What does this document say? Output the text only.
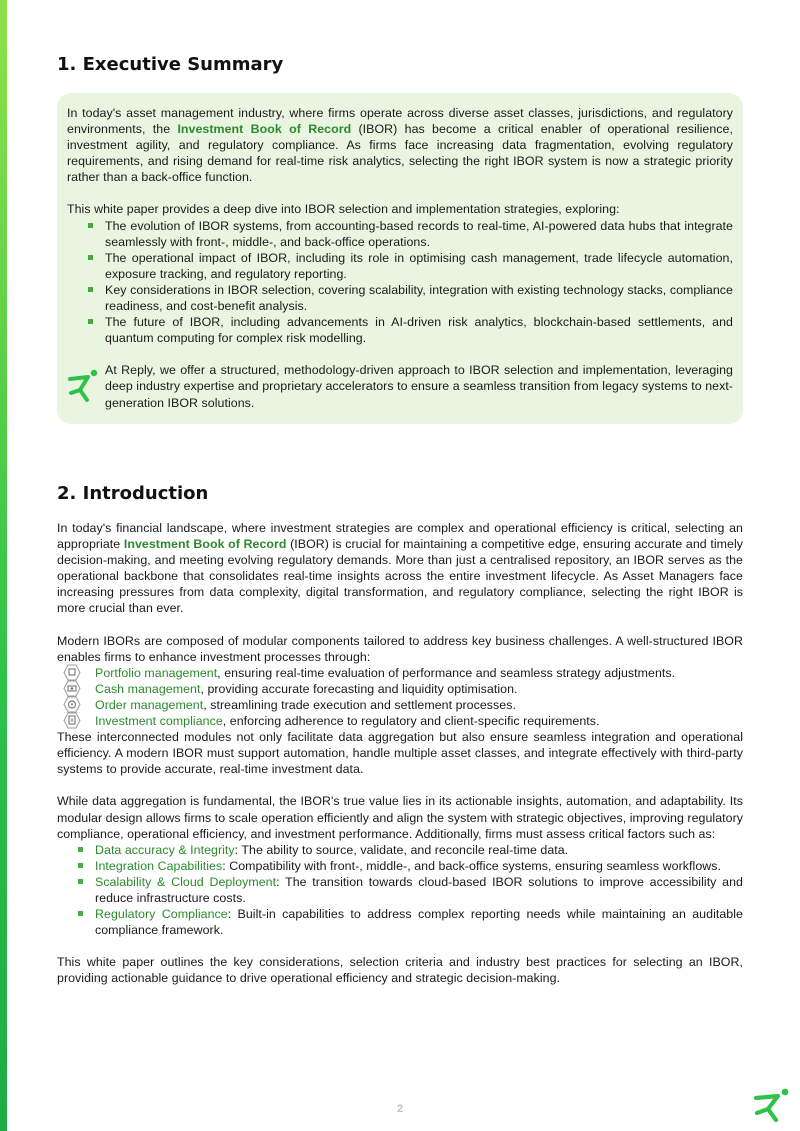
1. Executive Summary

In today's asset management industry, where firms operate across diverse asset classes, jurisdictions, and regulatory environments, the Investment Book of Record (IBOR) has become a critical enabler of operational resilience, investment agility, and regulatory compliance. As firms face increasing data fragmentation, evolving regulatory requirements, and rising demand for real-time risk analytics, selecting the right IBOR system is now a strategic priority rather than a back-office function.

This white paper provides a deep dive into IBOR selection and implementation strategies, exploring:

The evolution of IBOR systems, from accounting-based records to real-time, AI-powered data hubs that integrate seamlessly with front-, middle-, and back-office operations.
The operational impact of IBOR, including its role in optimising cash management, trade lifecycle automation, exposure tracking, and regulatory reporting.
Key considerations in IBOR selection, covering scalability, integration with existing technology stacks, compliance readiness, and cost-benefit analysis.
The future of IBOR, including advancements in AI-driven risk analytics, blockchain-based settlements, and quantum computing for complex risk modelling.

At Reply, we offer a structured, methodology-driven approach to IBOR selection and implementation, leveraging deep industry expertise and proprietary accelerators to ensure a seamless transition from legacy systems to next-generation IBOR solutions.

2. Introduction

In today's financial landscape, where investment strategies are complex and operational efficiency is critical, selecting an appropriate Investment Book of Record (IBOR) is crucial for maintaining a competitive edge, ensuring accurate and timely decision-making, and meeting evolving regulatory demands. More than just a centralised repository, an IBOR serves as the operational backbone that consolidates real-time insights across the entire investment lifecycle. As Asset Managers face increasing pressures from data complexity, digital transformation, and regulatory compliance, selecting the right IBOR is more crucial than ever.

Modern IBORs are composed of modular components tailored to address key business challenges. A well-structured IBOR enables firms to enhance investment processes through:

Portfolio management, ensuring real-time evaluation of performance and seamless strategy adjustments.
Cash management, providing accurate forecasting and liquidity optimisation.
Order management, streamlining trade execution and settlement processes.
Investment compliance, enforcing adherence to regulatory and client-specific requirements.

These interconnected modules not only facilitate data aggregation but also ensure seamless integration and operational efficiency. A modern IBOR must support automation, handle multiple asset classes, and integrate effectively with third-party systems to provide accurate, real-time investment data.

While data aggregation is fundamental, the IBOR's true value lies in its actionable insights, automation, and adaptability. Its modular design allows firms to scale operation efficiently and align the system with strategic objectives, improving regulatory compliance, operational efficiency, and investment performance. Additionally, firms must assess critical factors such as:

Data accuracy & Integrity: The ability to source, validate, and reconcile real-time data.
Integration Capabilities: Compatibility with front-, middle-, and back-office systems, ensuring seamless workflows.
Scalability & Cloud Deployment: The transition towards cloud-based IBOR solutions to improve accessibility and reduce infrastructure costs.
Regulatory Compliance: Built-in capabilities to address complex reporting needs while maintaining an auditable compliance framework.

This white paper outlines the key considerations, selection criteria and industry best practices for selecting an IBOR, providing actionable guidance to drive operational efficiency and strategic decision-making.

2
